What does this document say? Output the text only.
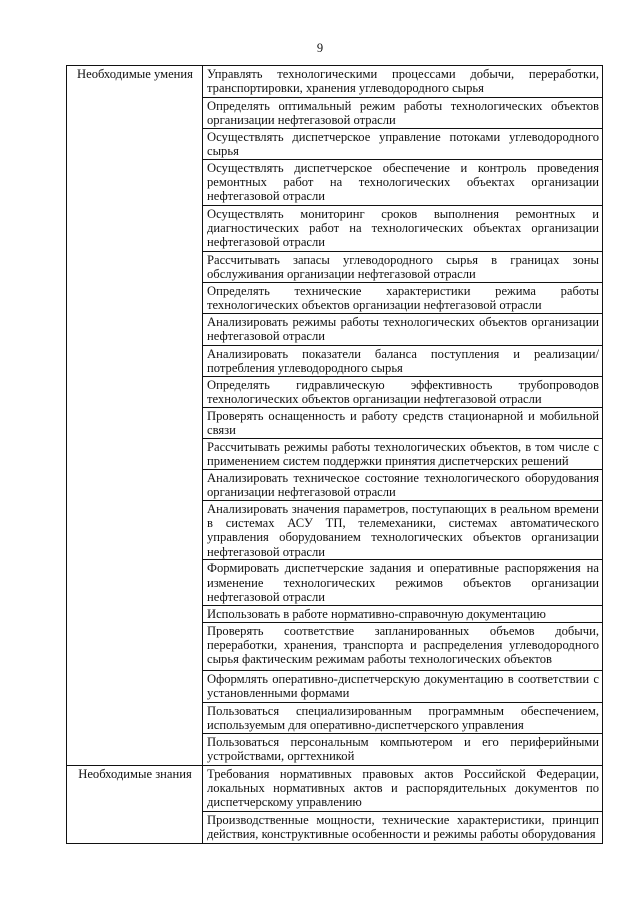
9
Необходимые умения	Управлять технологическими процессами добычи, переработки, транспортировки, хранения углеводородного сырья
	Определять оптимальный режим работы технологических объектов организации нефтегазовой отрасли
	Осуществлять диспетчерское управление потоками углеводородного сырья
	Осуществлять диспетчерское обеспечение и контроль проведения ремонтных работ на технологических объектах организации нефтегазовой отрасли
	Осуществлять мониторинг сроков выполнения ремонтных и диагностических работ на технологических объектах организации нефтегазовой отрасли
	Рассчитывать запасы углеводородного сырья в границах зоны обслуживания организации нефтегазовой отрасли
	Определять технические характеристики режима работы технологических объектов организации нефтегазовой отрасли
	Анализировать режимы работы технологических объектов организации нефтегазовой отрасли
	Анализировать показатели баланса поступления и реализации/потребления углеводородного сырья
	Определять гидравлическую эффективность трубопроводов технологических объектов организации нефтегазовой отрасли
	Проверять оснащенность и работу средств стационарной и мобильной связи
	Рассчитывать режимы работы технологических объектов, в том числе с применением систем поддержки принятия диспетчерских решений
	Анализировать техническое состояние технологического оборудования организации нефтегазовой отрасли
	Анализировать значения параметров, поступающих в реальном времени в системах АСУ ТП, телемеханики, системах автоматического управления оборудованием технологических объектов организации нефтегазовой отрасли
	Формировать диспетчерские задания и оперативные распоряжения на изменение технологических режимов объектов организации нефтегазовой отрасли
	Использовать в работе нормативно-справочную документацию
	Проверять соответствие запланированных объемов добычи, переработки, хранения, транспорта и распределения углеводородного сырья фактическим режимам работы технологических объектов
	Оформлять оперативно-диспетчерскую документацию в соответствии с установленными формами
	Пользоваться специализированным программным обеспечением, используемым для оперативно-диспетчерского управления
	Пользоваться персональным компьютером и его периферийными устройствами, оргтехникой
Необходимые знания	Требования нормативных правовых актов Российской Федерации, локальных нормативных актов и распорядительных документов по диспетчерскому управлению
	Производственные мощности, технические характеристики, принцип действия, конструктивные особенности и режимы работы оборудования
